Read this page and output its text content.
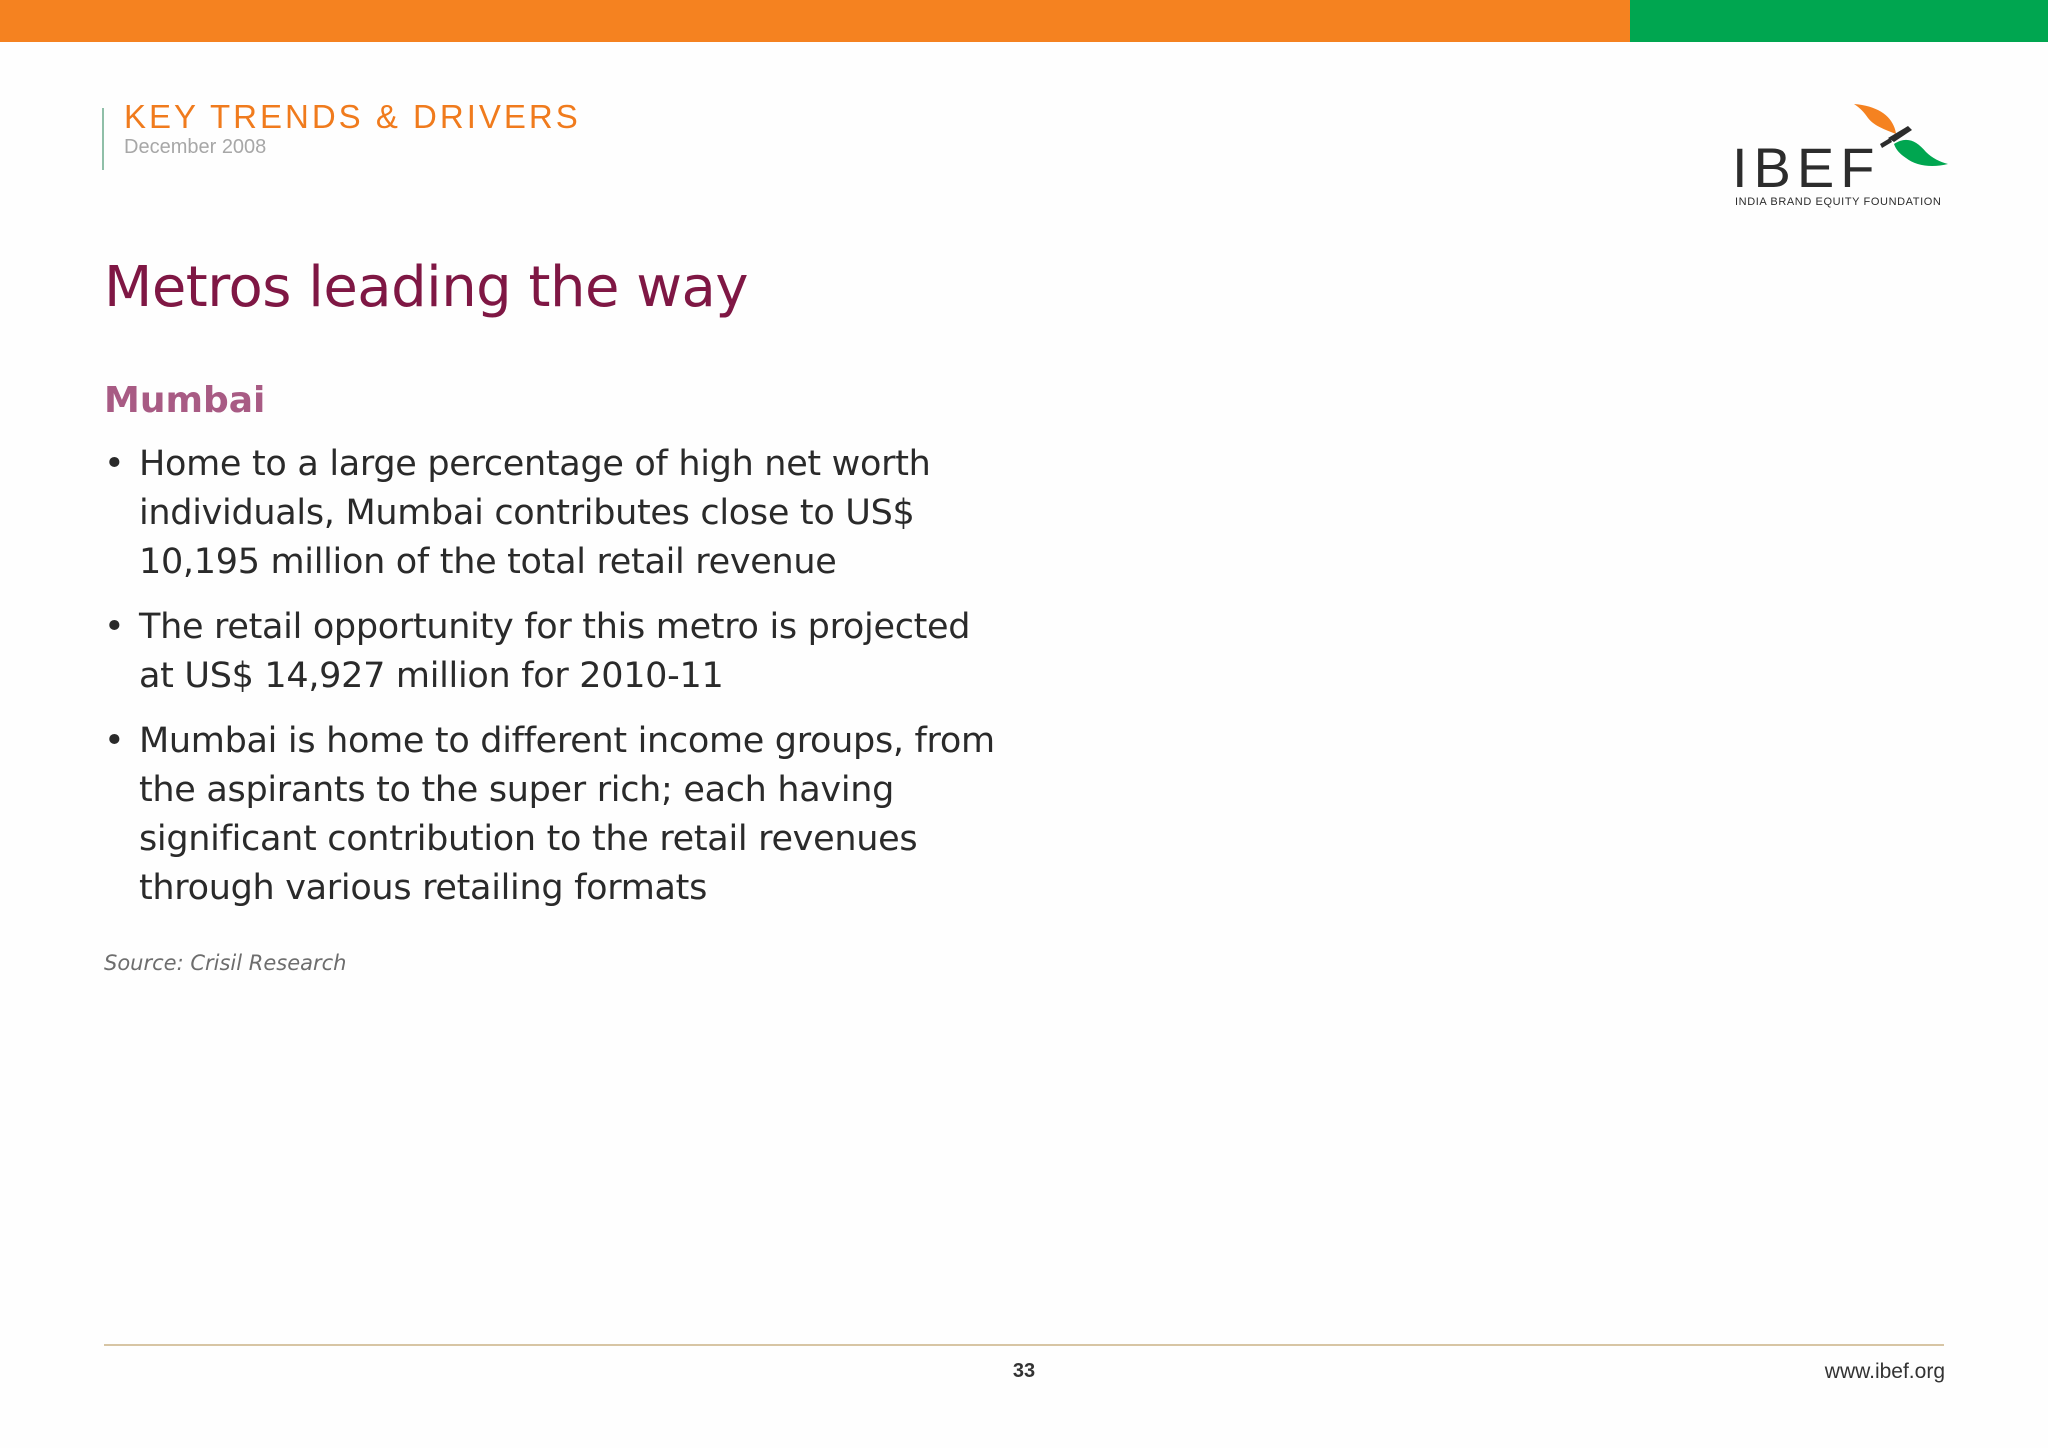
KEY TRENDS & DRIVERS
December 2008	IBEF
INDIA BRAND EQUITY FOUNDATION
Metros leading the way
Mumbai
• Home to a large percentage of high net worth individuals, Mumbai contributes close to US$ 10,195 million of the total retail revenue
• The retail opportunity for this metro is projected at US$ 14,927 million for 2010-11
• Mumbai is home to different income groups, from the aspirants to the super rich; each having significant contribution to the retail revenues through various retailing formats
Source: Crisil Research
33	www.ibef.org
